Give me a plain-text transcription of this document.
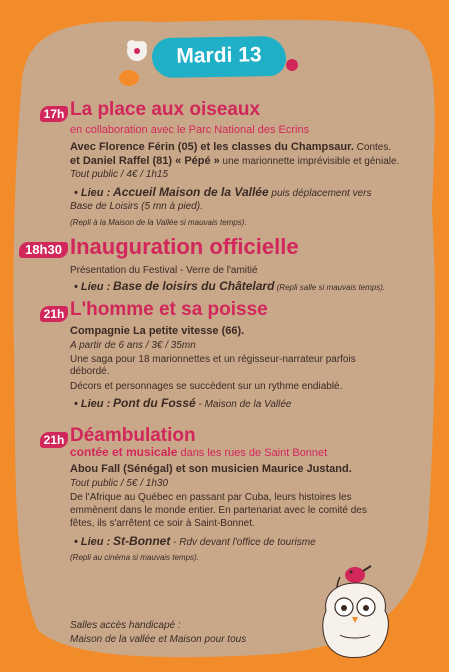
Mardi 13
17h La place aux oiseaux
en collaboration avec le Parc National des Ecrins
Avec Florence Férin (05) et les classes du Champsaur. Contes.
et Daniel Raffel (81) « Pépé » une marionnette imprévisible et géniale.
Tout public / 4€ / 1h15
• Lieu : Accueil Maison de la Vallée puis déplacement vers
Base de Loisirs (5 mn à pied).
(Repli à la Maison de la Vallée si mauvais temps).
18h30 Inauguration officielle
Présentation du Festival - Verre de l'amitié
• Lieu : Base de loisirs du Châtelard (Repli salle si mauvais temps).
21h L'homme et sa poisse
Compagnie La petite vitesse (66).
A partir de 6 ans / 3€ / 35mn
Une saga pour 18 marionnettes et un régisseur-narrateur parfois
débordé.
Décors et personnages se succèdent sur un rythme endiablé.
• Lieu : Pont du Fossé - Maison de la Vallée
21h Déambulation
contée et musicale dans les rues de Saint Bonnet
Abou Fall (Sénégal) et son musicien Maurice Justand.
Tout public / 5€ / 1h30
De l'Afrique au Québec en passant par Cuba, leurs histoires les
emmènent dans le monde entier. En partenariat avec le comité des
fêtes, ils s'arrêtent ce soir à Saint-Bonnet.
• Lieu : St-Bonnet - Rdv devant l'office de tourisme
(Repli au cinéma si mauvais temps).
Salles accès handicapé :
Maison de la vallée et Maison pour tous
